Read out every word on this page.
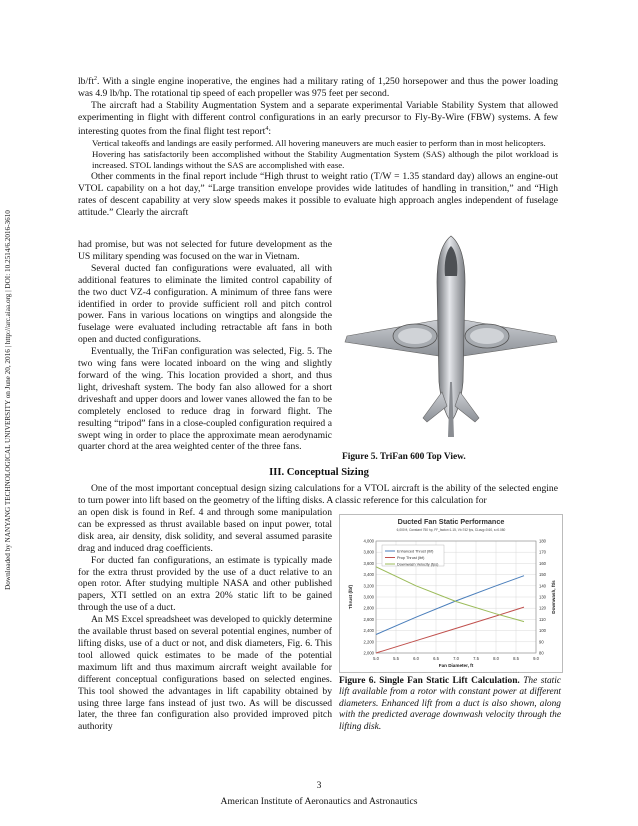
Downloaded by NANYANG TECHNOLOGICAL UNIVERSITY on June 20, 2016 | http://arc.aiaa.org | DOI: 10.2514/6.2016-3610

$lb/ft^2$. With a single engine inoperative, the engines had a military rating of 1,250 horsepower and thus the power loading was 4.9 lb/hp. The rotational tip speed of each propeller was 975 feet per second.

The aircraft had a Stability Augmentation System and a separate experimental Variable Stability System that allowed experimenting in flight with different control configurations in an early precursor to Fly-By-Wire (FBW) systems. A few interesting quotes from the final flight test report$^4$:

Vertical takeoffs and landings are easily performed. All hovering maneuvers are much easier to perform than in most helicopters.

Hovering has satisfactorily been accomplished without the Stability Augmentation System (SAS) although the pilot workload is increased. STOL landings without the SAS are accomplished with ease.

Other comments in the final report include “High thrust to weight ratio (T/W = 1.35 standard day) allows an engine-out VTOL capability on a hot day,” “Large transition envelope provides wide latitudes of handling in transition,” and “High rates of descent capability at very slow speeds makes it possible to evaluate high approach angles independent of fuselage attitude.” Clearly the aircraft

had promise, but was not selected for future development as the US military spending was focused on the war in Vietnam.

Several ducted fan configurations were evaluated, all with additional features to eliminate the limited control capability of the two duct VZ-4 configuration. A minimum of three fans were identified in order to provide sufficient roll and pitch control power. Fans in various locations on wingtips and alongside the fuselage were evaluated including retractable aft fans in both open and ducted configurations.

Eventually, the TriFan configuration was selected, Fig. 5. The two wing fans were located inboard on the wing and slightly forward of the wing. This location provided a short, and thus light, driveshaft system. The body fan also allowed for a short driveshaft and upper doors and lower vanes allowed the fan to be completely enclosed to reduce drag in forward flight. The resulting “tripod” fans in a close-coupled configuration required a swept wing in order to place the approximate mean aerodynamic quarter chord at the area weighted center of the three fans.

Figure 5. TriFan 600 Top View.
III. Conceptual Sizing

One of the most important conceptual design sizing calculations for a VTOL aircraft is the ability of the selected engine to turn power into lift based on the geometry of the lifting disks. A classic reference for this calculation for

an open disk is found in Ref. 4 and through some manipulation can be expressed as thrust available based on input power, total disk area, air density, disk solidity, and several assumed parasite drag and induced drag coefficients.

For ducted fan configurations, an estimate is typically made for the extra thrust provided by the use of a duct relative to an open rotor. After studying multiple NASA and other published papers, XTI settled on an extra 20% static lift to be gained through the use of a duct.

An MS Excel spreadsheet was developed to quickly determine the available thrust based on several potential engines, number of lifting disks, use of a duct or not, and disk diameters, Fig. 6. This tool allowed quick estimates to be made of the potential maximum lift and thus maximum aircraft weight available for different conceptual configurations based on selected engines. This tool showed the advantages in lift capability obtained by using three large fans instead of just two. As will be discussed later, the three fan configuration also provided improved pitch authority

Ducted Fan Static Performance
6,000 ft, Constant 750 hp, FF_factor=1.15, Vt=742 fps, CLavg=0.60, s=0.080
2,000
2,200
2,400
2,600
2,800
3,000
3,200
3,400
3,600
3,800
4,000
80
90
100
110
120
130
140
150
160
170
180
5.0	5.5	6.0	6.5	7.0	7.5	8.0	8.5	9.0
Fan Diameter, ft
Thrust (lbf)	Downwash, ft/s
Enhanced Thrust (lbf)
Prop Thrust (lbf)
Downwash Velocity (fps)
Figure 6. Single Fan Static Lift Calculation. The static lift available from a rotor with constant power at different diameters. Enhanced lift from a duct is also shown, along with the predicted average downwash velocity through the lifting disk.
3
American Institute of Aeronautics and Astronautics
